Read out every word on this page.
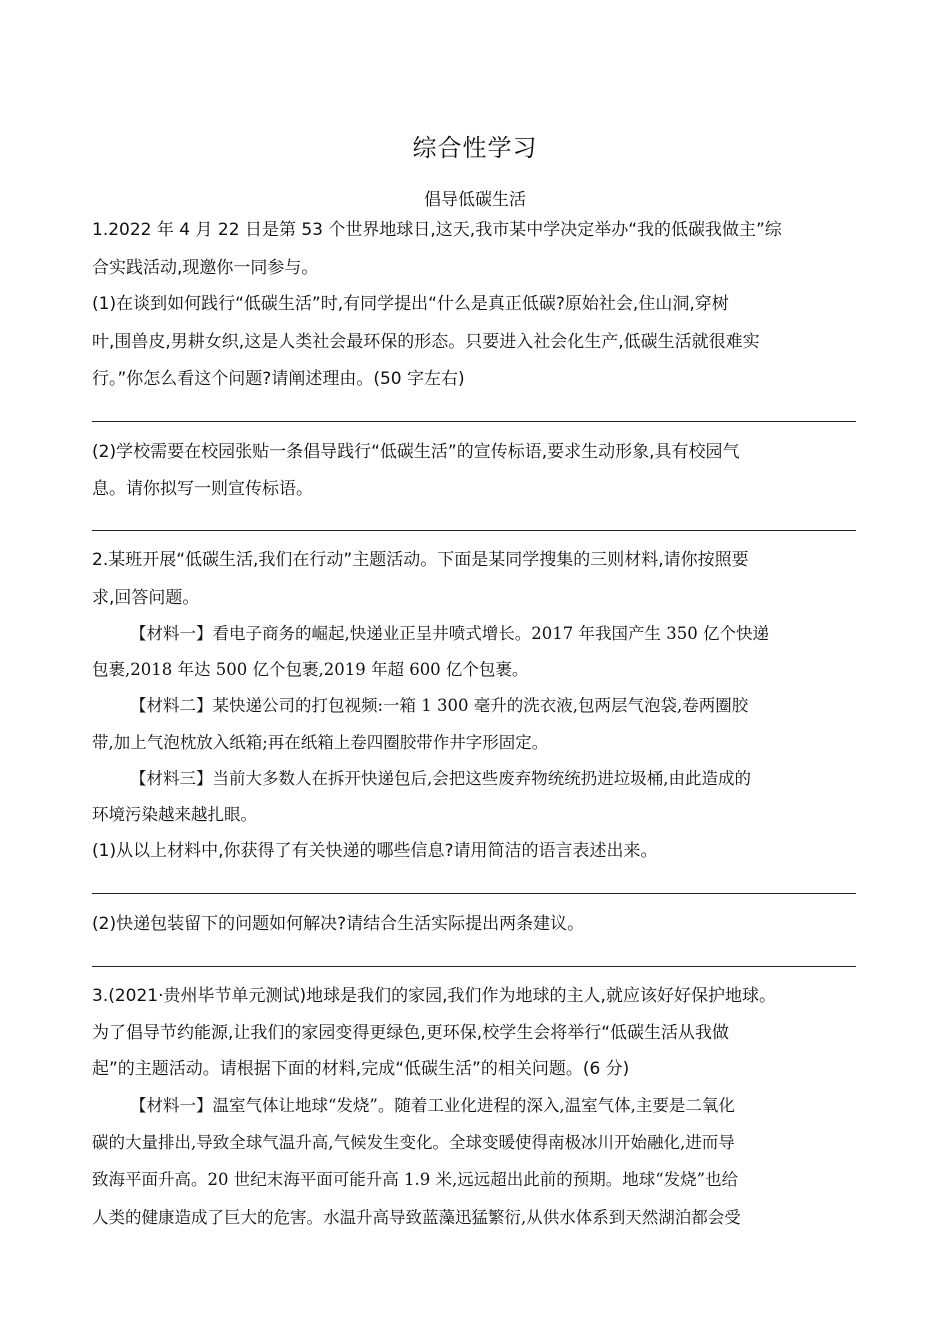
综合性学习
倡导低碳生活
1.2022 年 4 月 22 日是第 53 个世界地球日,这天,我市某中学决定举办“我的低碳我做主”综
合实践活动,现邀你一同参与。
(1)在谈到如何践行“低碳生活”时,有同学提出“什么是真正低碳?原始社会,住山洞,穿树
叶,围兽皮,男耕女织,这是人类社会最环保的形态。只要进入社会化生产,低碳生活就很难实
行。”你怎么看这个问题?请阐述理由。(50 字左右)
(2)学校需要在校园张贴一条倡导践行“低碳生活”的宣传标语,要求生动形象,具有校园气
息。请你拟写一则宣传标语。
2.某班开展“低碳生活,我们在行动”主题活动。下面是某同学搜集的三则材料,请你按照要
求,回答问题。
【材料一】看电子商务的崛起,快递业正呈井喷式增长。2017 年我国产生 350 亿个快递
包裹,2018 年达 500 亿个包裹,2019 年超 600 亿个包裹。
【材料二】某快递公司的打包视频:一箱 1 300 毫升的洗衣液,包两层气泡袋,卷两圈胶
带,加上气泡枕放入纸箱;再在纸箱上卷四圈胶带作井字形固定。
【材料三】当前大多数人在拆开快递包后,会把这些废弃物统统扔进垃圾桶,由此造成的
环境污染越来越扎眼。
(1)从以上材料中,你获得了有关快递的哪些信息?请用简洁的语言表述出来。
(2)快递包装留下的问题如何解决?请结合生活实际提出两条建议。
3.(2021·贵州毕节单元测试)地球是我们的家园,我们作为地球的主人,就应该好好保护地球。
为了倡导节约能源,让我们的家园变得更绿色,更环保,校学生会将举行“低碳生活从我做
起”的主题活动。请根据下面的材料,完成“低碳生活”的相关问题。(6 分)
【材料一】温室气体让地球“发烧”。随着工业化进程的深入,温室气体,主要是二氧化
碳的大量排出,导致全球气温升高,气候发生变化。全球变暖使得南极冰川开始融化,进而导
致海平面升高。20 世纪末海平面可能升高 1.9 米,远远超出此前的预期。地球“发烧”也给
人类的健康造成了巨大的危害。水温升高导致蓝藻迅猛繁衍,从供水体系到天然湖泊都会受
